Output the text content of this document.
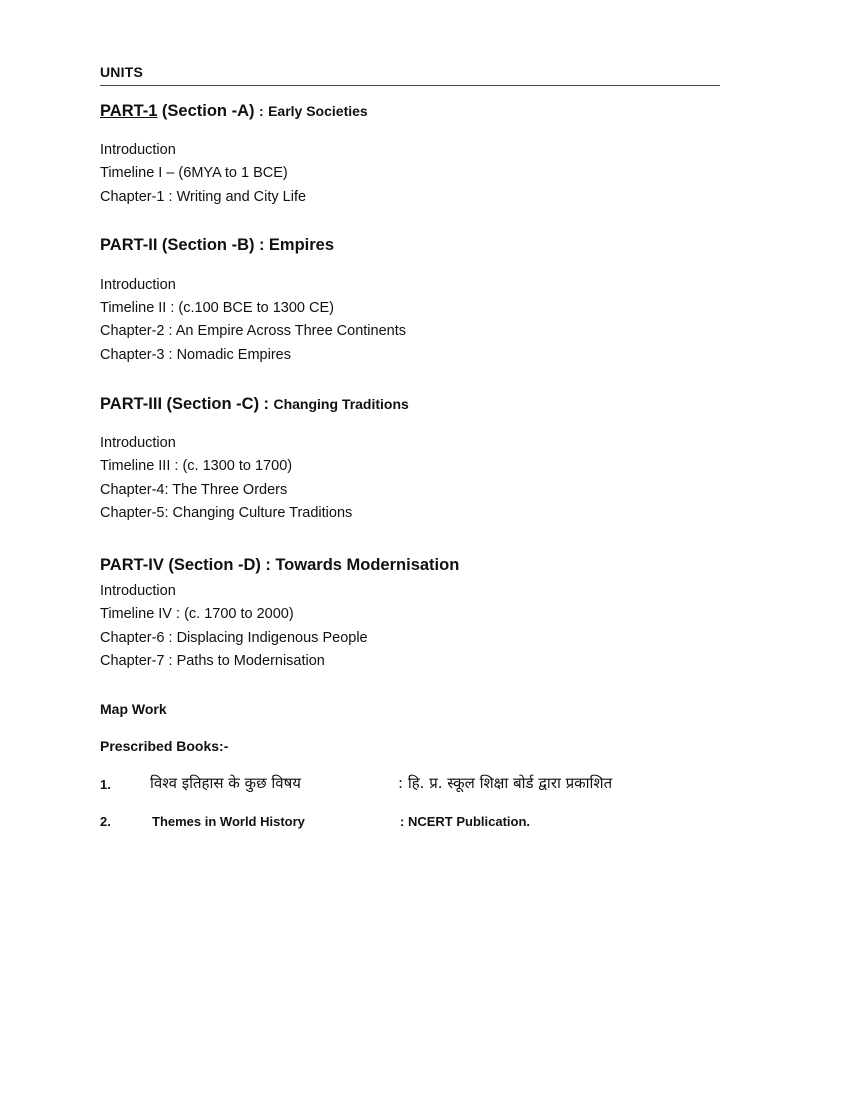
UNITS
PART-1 (Section -A) : Early Societies
Introduction
Timeline I – (6MYA to 1 BCE)
Chapter-1 : Writing and City Life
PART-II (Section -B) : Empires
Introduction
Timeline II : (c.100 BCE to 1300 CE)
Chapter-2 : An Empire Across Three Continents
Chapter-3 : Nomadic Empires
PART-III (Section -C) : Changing Traditions
Introduction
Timeline III : (c. 1300 to 1700)
Chapter-4: The Three Orders
Chapter-5: Changing Culture Traditions
PART-IV (Section -D) : Towards Modernisation
Introduction
Timeline IV : (c. 1700 to 2000)
Chapter-6 : Displacing Indigenous People
Chapter-7 : Paths to Modernisation
Map Work
Prescribed Books:-
1.	विश्व इतिहास के कुछ विषय	: हि. प्र. स्कूल शिक्षा बोर्ड द्वारा प्रकाशित
2.	Themes in World History	: NCERT Publication.
